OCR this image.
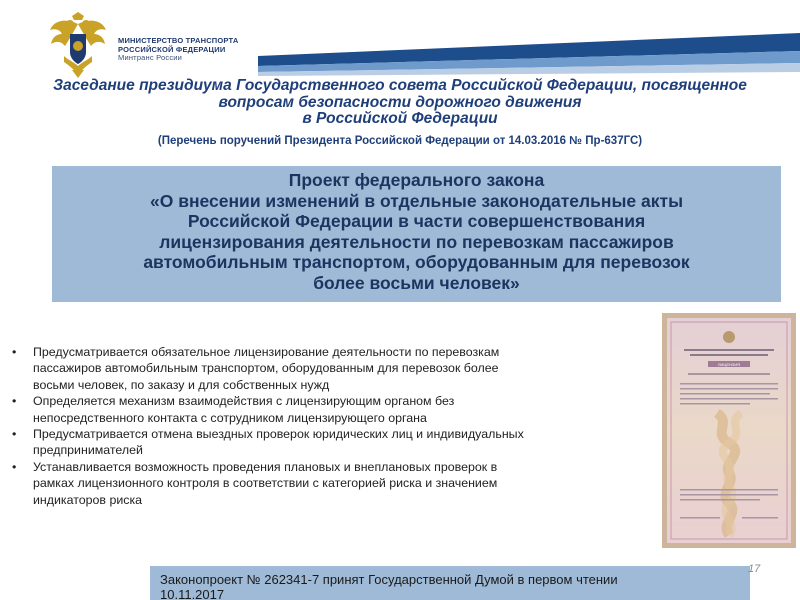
МИНИСТЕРСТВО ТРАНСПОРТА
РОССИЙСКОЙ ФЕДЕРАЦИИ
Минтранс России
Заседание президиума Государственного совета Российской Федерации, посвященное
вопросам безопасности дорожного движения
в Российской Федерации
(Перечень поручений Президента Российской Федерации от 14.03.2016 № Пр-637ГС)
Проект федерального закона
«О внесении изменений в отдельные законодательные акты
Российской Федерации в части совершенствования
лицензирования деятельности по перевозкам пассажиров
автомобильным транспортом, оборудованным для перевозок
более восьми человек»
• Предусматривается обязательное лицензирование деятельности по перевозкам
пассажиров автомобильным транспортом, оборудованным для перевозок более
восьми человек, по заказу и для собственных нужд
• Определяется механизм взаимодействия с лицензирующим органом без
непосредственного контакта с сотрудником лицензирующего органа
• Предусматривается отмена выездных проверок юридических лиц и индивидуальных
предпринимателей
• Устанавливается возможность проведения плановых и внеплановых проверок в
рамках лицензионного контроля в соответствии с категорией риска и значением
индикаторов риска
ЛИЦЕНЗИЯ
Законопроект № 262341-7 принят Государственной Думой в первом чтении
10.11.2017
17
